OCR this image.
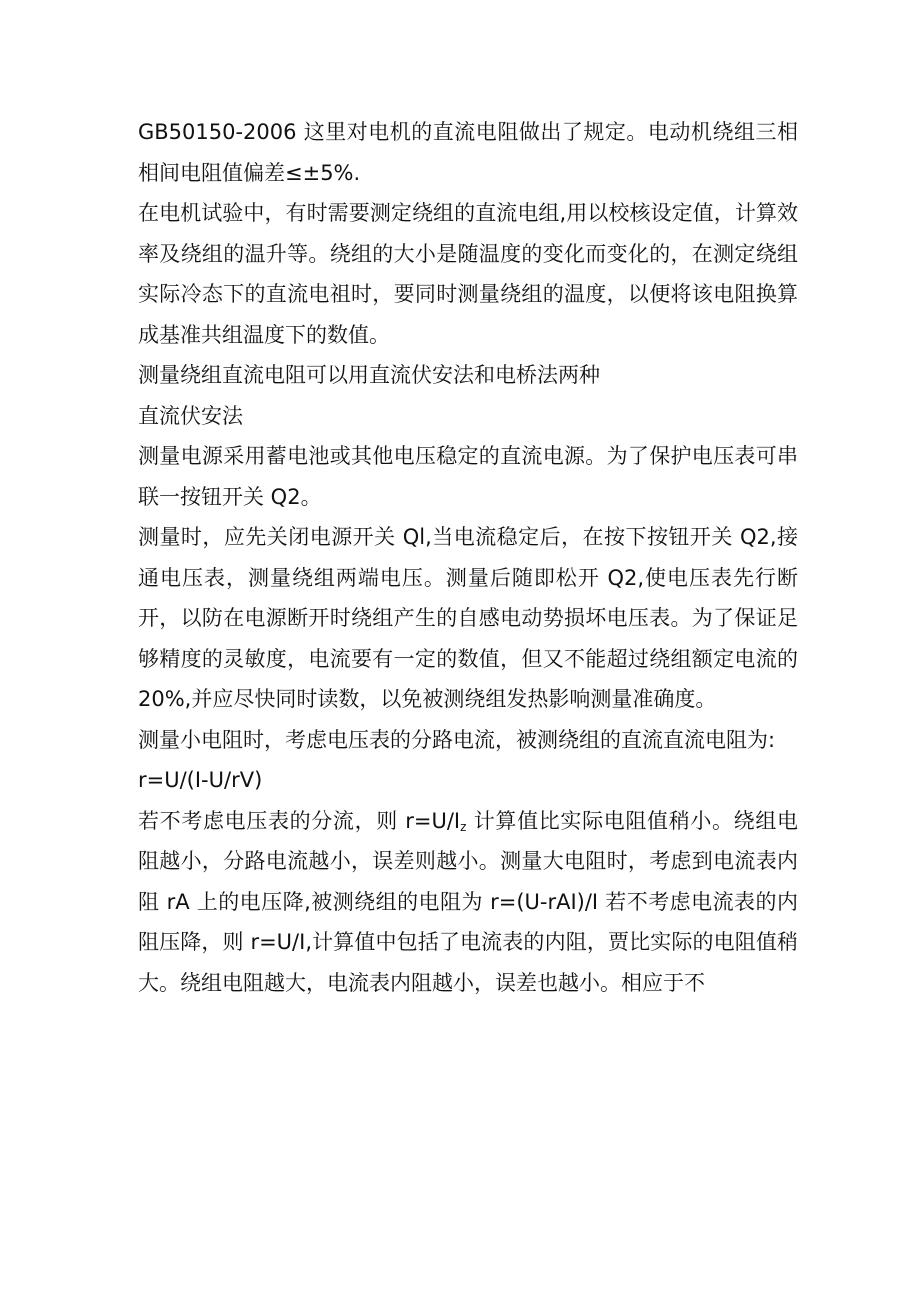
GB50150-2006 这里对电机的直流电阻做出了规定。电动机绕组三相相间电阻值偏差≤±5%.

在电机试验中，有时需要测定绕组的直流电组,用以校核设定值，计算效率及绕组的温升等。绕组的大小是随温度的变化而变化的，在测定绕组实际冷态下的直流电祖时，要同时测量绕组的温度，以便将该电阻换算成基准共组温度下的数值。

测量绕组直流电阻可以用直流伏安法和电桥法两种

直流伏安法

测量电源采用蓄电池或其他电压稳定的直流电源。为了保护电压表可串联一按钮开关 Q2。

测量时，应先关闭电源开关 Ql,当电流稳定后，在按下按钮开关 Q2,接通电压表，测量绕组两端电压。测量后随即松开 Q2,使电压表先行断开，以防在电源断开时绕组产生的自感电动势损坏电压表。为了保证足够精度的灵敏度，电流要有一定的数值，但又不能超过绕组额定电流的 20%,并应尽快同时读数，以免被测绕组发热影响测量准确度。

测量小电阻时，考虑电压表的分路电流，被测绕组的直流直流电阻为:

r=U/(I-U/rV)

若不考虑电压表的分流，则 $r=U/I_z$ 计算值比实际电阻值稍小。绕组电阻越小，分路电流越小，误差则越小。测量大电阻时，考虑到电流表内阻 rA 上的电压降,被测绕组的电阻为 r=(U-rAI)/I 若不考虑电流表的内阻压降，则 r=U/I,计算值中包括了电流表的内阻，贾比实际的电阻值稍大。绕组电阻越大，电流表内阻越小，误差也越小。相应于不
